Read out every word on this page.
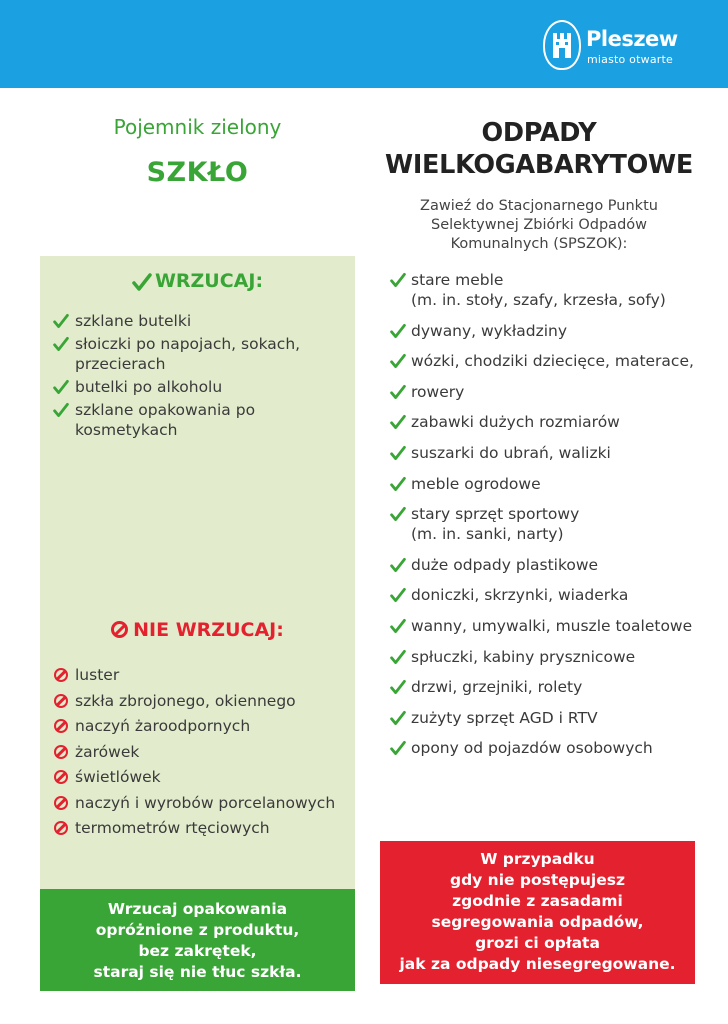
Pleszew
miasto otwarte
Pojemnik zielony
SZKŁO
WRZUCAJ:
szklane butelki
słoiczki po napojach, sokach, przecierach
butelki po alkoholu
szklane opakowania po kosmetykach
NIE WRZUCAJ:
luster
szkła zbrojonego, okiennego
naczyń żaroodpornych
żarówek
świetlówek
naczyń i wyrobów porcelanowych
termometrów rtęciowych
Wrzucaj opakowania
opróżnione z produktu,
bez zakrętek,
staraj się nie tłuc szkła.
ODPADY
WIELKOGABARYTOWE
Zawieź do Stacjonarnego Punktu
Selektywnej Zbiórki Odpadów
Komunalnych (SPSZOK):
stare meble
(m. in. stoły, szafy, krzesła, sofy)
dywany, wykładziny
wózki, chodziki dziecięce, materace,
rowery
zabawki dużych rozmiarów
suszarki do ubrań, walizki
meble ogrodowe
stary sprzęt sportowy
(m. in. sanki, narty)
duże odpady plastikowe
doniczki, skrzynki, wiaderka
wanny, umywalki, muszle toaletowe
spłuczki, kabiny prysznicowe
drzwi, grzejniki, rolety
zużyty sprzęt AGD i RTV
opony od pojazdów osobowych
W przypadku
gdy nie postępujesz
zgodnie z zasadami
segregowania odpadów,
grozi ci opłata
jak za odpady niesegregowane.
